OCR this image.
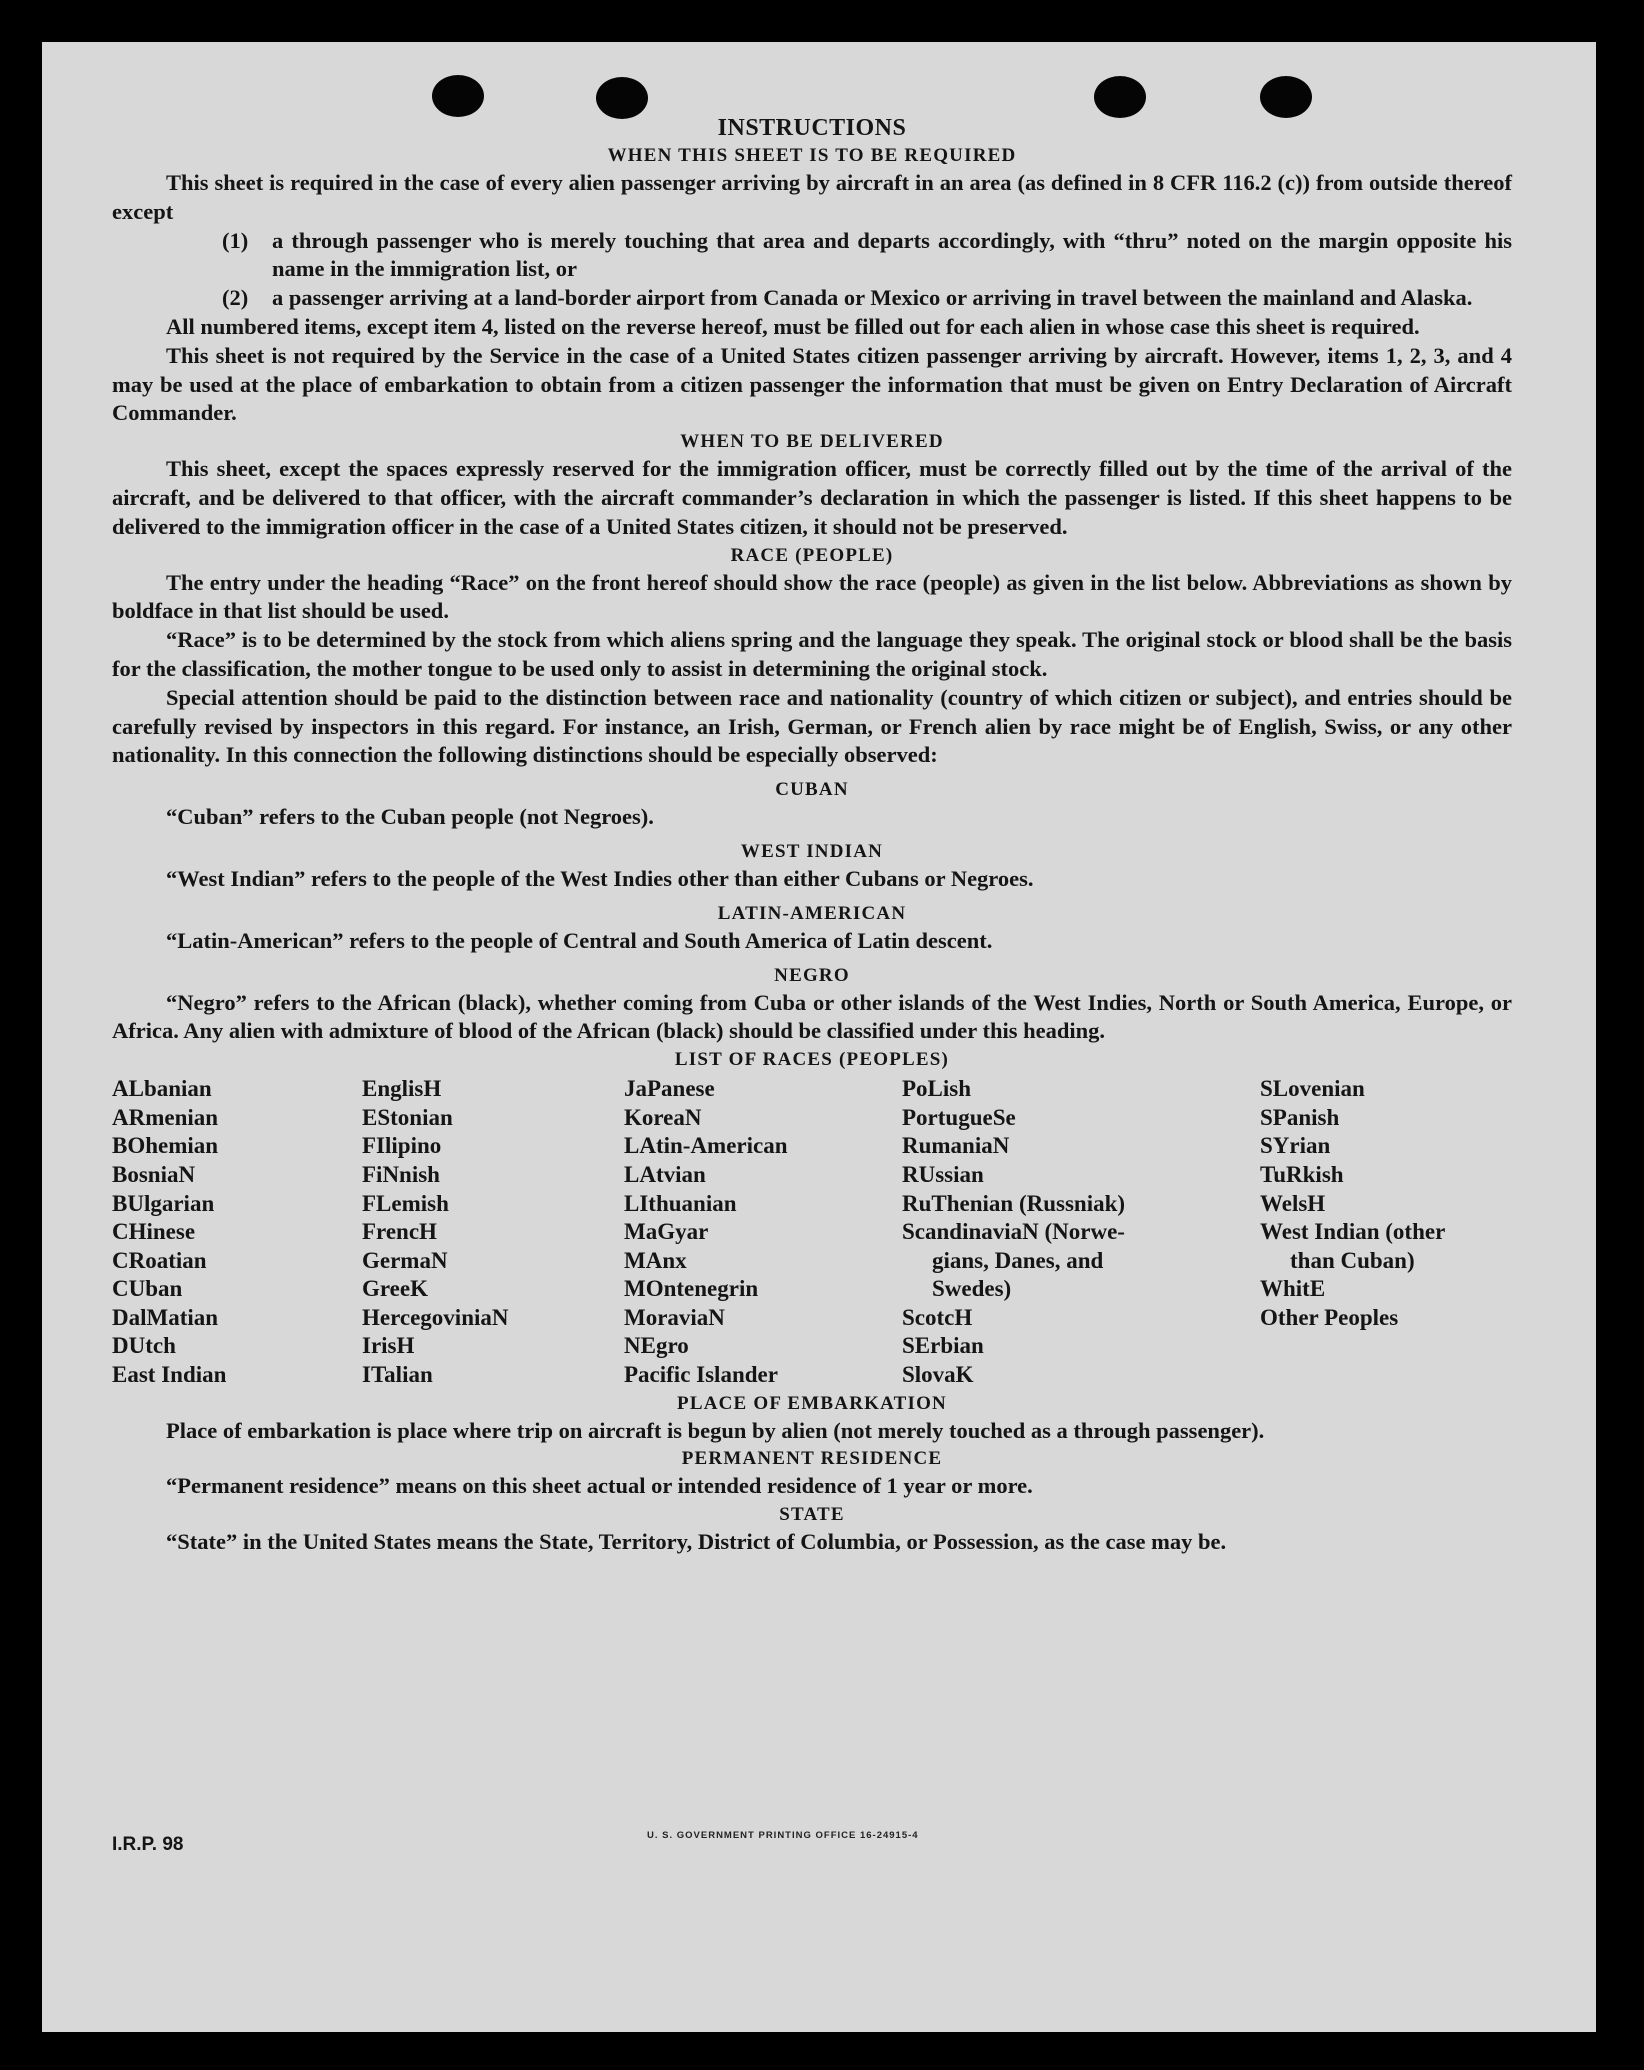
INSTRUCTIONS
WHEN THIS SHEET IS TO BE REQUIRED

This sheet is required in the case of every alien passenger arriving by aircraft in an area (as defined in 8 CFR 116.2 (c)) from outside thereof except

(1)	a through passenger who is merely touching that area and departs accordingly, with “thru” noted on the margin opposite his name in the immigration list, or
(2)	a passenger arriving at a land-border airport from Canada or Mexico or arriving in travel between the mainland and Alaska.

All numbered items, except item 4, listed on the reverse hereof, must be filled out for each alien in whose case this sheet is required.

This sheet is not required by the Service in the case of a United States citizen passenger arriving by aircraft. However, items 1, 2, 3, and 4 may be used at the place of embarkation to obtain from a citizen passenger the information that must be given on Entry Declaration of Aircraft Commander.

WHEN TO BE DELIVERED

This sheet, except the spaces expressly reserved for the immigration officer, must be correctly filled out by the time of the arrival of the aircraft, and be delivered to that officer, with the aircraft commander’s declaration in which the passenger is listed. If this sheet happens to be delivered to the immigration officer in the case of a United States citizen, it should not be preserved.

RACE (PEOPLE)

The entry under the heading “Race” on the front hereof should show the race (people) as given in the list below. Abbreviations as shown by boldface in that list should be used.

“Race” is to be determined by the stock from which aliens spring and the language they speak. The original stock or blood shall be the basis for the classification, the mother tongue to be used only to assist in determining the original stock.

Special attention should be paid to the distinction between race and nationality (country of which citizen or subject), and entries should be carefully revised by inspectors in this regard. For instance, an Irish, German, or French alien by race might be of English, Swiss, or any other nationality. In this connection the following distinctions should be especially observed:

CUBAN

“Cuban” refers to the Cuban people (not Negroes).

WEST INDIAN

“West Indian” refers to the people of the West Indies other than either Cubans or Negroes.

LATIN-AMERICAN

“Latin-American” refers to the people of Central and South America of Latin descent.

NEGRO

“Negro” refers to the African (black), whether coming from Cuba or other islands of the West Indies, North or South America, Europe, or Africa. Any alien with admixture of blood of the African (black) should be classified under this heading.

LIST OF RACES (PEOPLES)
ALbanian
ARmenian
BOhemian
BosniaN
BUlgarian
CHinese
CRoatian
CUban
DalMatian
DUtch
East Indian
EnglisH
EStonian
FIlipino
FiNnish
FLemish
FrencH
GermaN
GreeK
HercegoviniaN
IrisH
ITalian
JaPanese
KoreaN
LAtin-American
LAtvian
LIthuanian
MaGyar
MAnx
MOntenegrin
MoraviaN
NEgro
Pacific Islander
PoLish
PortugueSe
RumaniaN
RUssian
RuThenian (Russniak)
ScandinaviaN (Norwe-
gians, Danes, and
Swedes)
ScotcH
SErbian
SlovaK
SLovenian
SPanish
SYrian
TuRkish
WelsH
West Indian (other
than Cuban)
WhitE
Other Peoples
PLACE OF EMBARKATION

Place of embarkation is place where trip on aircraft is begun by alien (not merely touched as a through passenger).

PERMANENT RESIDENCE

“Permanent residence” means on this sheet actual or intended residence of 1 year or more.

STATE

“State” in the United States means the State, Territory, District of Columbia, or Possession, as the case may be.

I.R.P. 98	U. S. GOVERNMENT PRINTING OFFICE 16-24915-4
